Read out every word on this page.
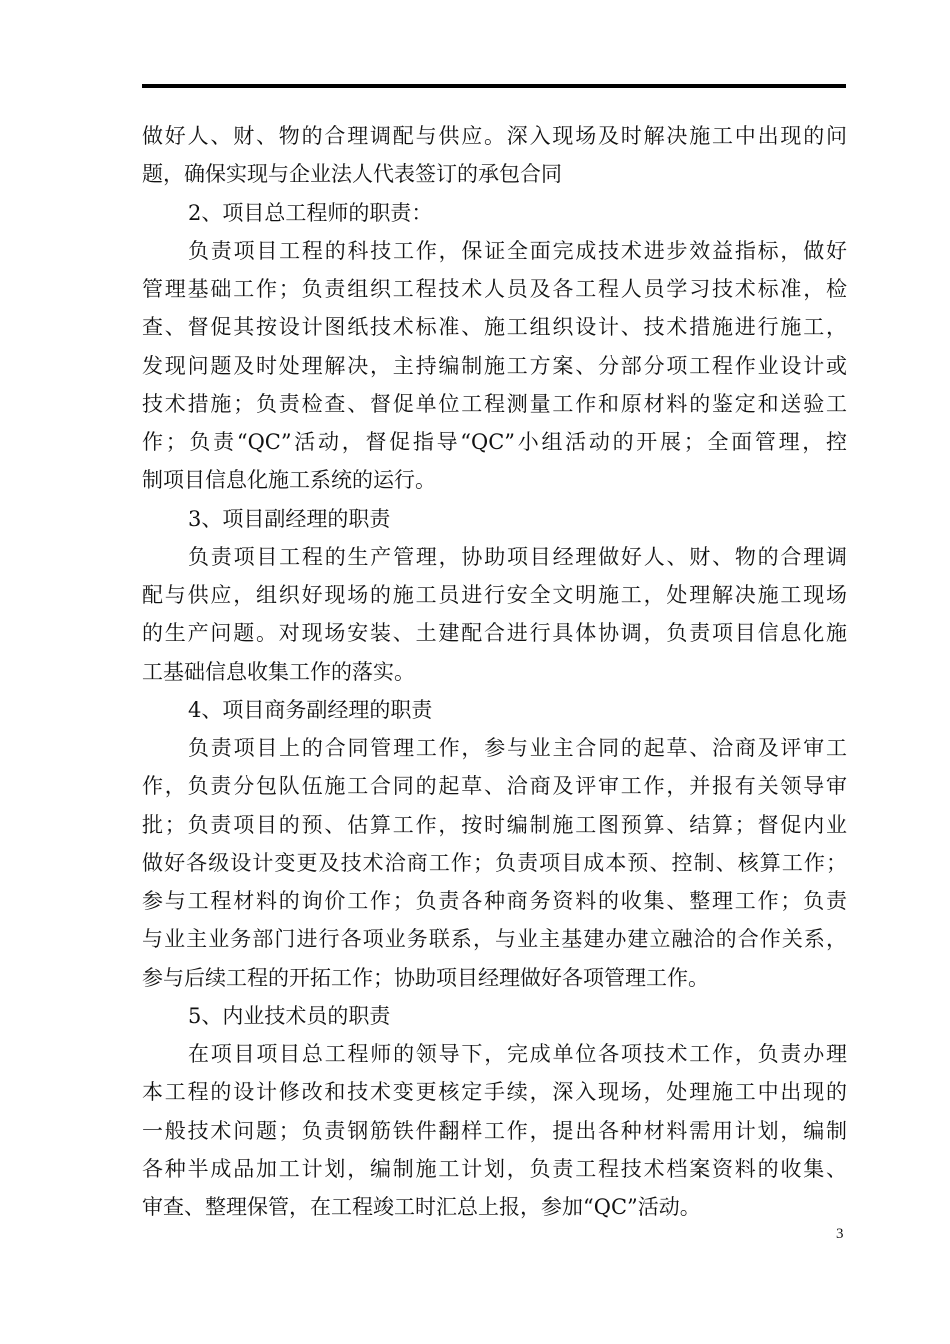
做好人、财、物的合理调配与供应。深入现场及时解决施工中出现的问
题，确保实现与企业法人代表签订的承包合同
2、项目总工程师的职责：
负责项目工程的科技工作，保证全面完成技术进步效益指标，做好
管理基础工作；负责组织工程技术人员及各工程人员学习技术标准，检
查、督促其按设计图纸技术标准、施工组织设计、技术措施进行施工，
发现问题及时处理解决，主持编制施工方案、分部分项工程作业设计或
技术措施；负责检查、督促单位工程测量工作和原材料的鉴定和送验工
作；负责“QC”活动，督促指导“QC”小组活动的开展；全面管理，控
制项目信息化施工系统的运行。
3、项目副经理的职责
负责项目工程的生产管理，协助项目经理做好人、财、物的合理调
配与供应，组织好现场的施工员进行安全文明施工，处理解决施工现场
的生产问题。对现场安装、土建配合进行具体协调，负责项目信息化施
工基础信息收集工作的落实。
4、项目商务副经理的职责
负责项目上的合同管理工作，参与业主合同的起草、洽商及评审工
作，负责分包队伍施工合同的起草、洽商及评审工作，并报有关领导审
批；负责项目的预、估算工作，按时编制施工图预算、结算；督促内业
做好各级设计变更及技术洽商工作；负责项目成本预、控制、核算工作；
参与工程材料的询价工作；负责各种商务资料的收集、整理工作；负责
与业主业务部门进行各项业务联系，与业主基建办建立融洽的合作关系，
参与后续工程的开拓工作；协助项目经理做好各项管理工作。
5、内业技术员的职责
在项目项目总工程师的领导下，完成单位各项技术工作，负责办理
本工程的设计修改和技术变更核定手续，深入现场，处理施工中出现的
一般技术问题；负责钢筋铁件翻样工作，提出各种材料需用计划，编制
各种半成品加工计划，编制施工计划，负责工程技术档案资料的收集、
审查、整理保管，在工程竣工时汇总上报，参加“QC”活动。
3
